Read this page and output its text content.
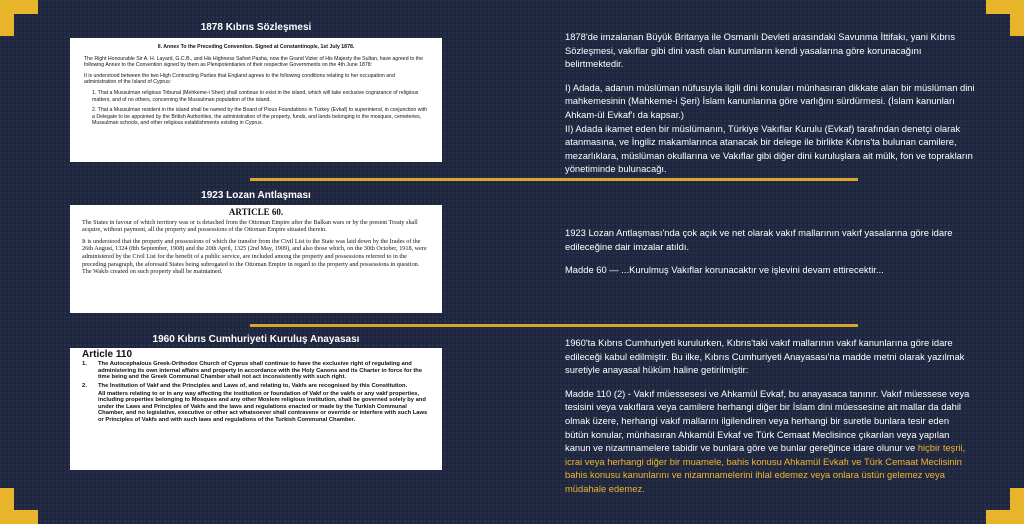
1878 Kıbrıs Sözleşmesi
II. Annex To the Preceding Convention. Signed at Constantinople, 1st July 1878.

The Right Honourable Sir A. H. Layard, G.C.B., and His Highness Safvet Pasha, now the Grand Vizier of His Majesty the Sultan, have agreed to the following Annex to the Convention signed by them as Plenipotentiaries of their respective Governments on the 4th June 1878:

It is understood between the two High Contracting Parties that England agrees to the following conditions relating to her occupation and administration of the Island of Cyprus:

1. That a Mussulman religious Tribunal (Mehkeme-i Sheri) shall continue to exist in the island, which will take exclusive cognizance of religious matters, and of no others, concerning the Mussulman population of the island.

2. That a Mussulman resident in the island shall be named by the Board of Pious Foundations in Turkey (Evkaf) to superintend, in conjunction with a Delegate to be appointed by the British Authorities, the administration of the property, funds, and lands belonging to the mosques, cemeteries, Mussulman schools, and other religious establishments existing in Cyprus.

1878'de imzalanan Büyük Britanya ile Osmanlı Devleti arasındaki Savunma İttifakı, yani Kıbrıs Sözleşmesi, vakıflar gibi dini vasfı olan kurumların kendi yasalarına göre korunacağını belirtmektedir.

I) Adada, adanın müslüman nüfusuyla ilgili dini konuları münhasıran dikkate alan bir müslüman dini mahkemesinin (Mahkeme-i Şeri) İslam kanunlarına göre varlığını sürdürmesi. (İslam kanunları Ahkam-ül Evkaf'ı da kapsar.)

II) Adada ikamet eden bir müslümanın, Türkiye Vakıflar Kurulu (Evkaf) tarafından denetçi olarak atanmasına, ve İngiliz makamlarınca atanacak bir delege ile birlikte Kıbrıs'ta bulunan camilere, mezarlıklara, müslüman okullarına ve Vakıflar gibi diğer dini kuruluşlara ait mülk, fon ve toprakların yönetiminde bulunacağı.

1923 Lozan Antlaşması
ARTICLE 60.

The States in favour of which territory was or is detached from the Ottoman Empire after the Balkan wars or by the present Treaty shall acquire, without payment, all the property and possessions of the Ottoman Empire situated therein.

It is understood that the property and possessions of which the transfer from the Civil List to the State was laid down by the Irades of the 26th August, 1324 (8th September, 1908) and the 20th April, 1325 (2nd May, 1909), and also those which, on the 30th October, 1918, were administered by the Civil List for the benefit of a public service, are included among the property and possessions referred to in the preceding paragraph, the aforesaid States being subrogated to the Ottoman Empire in regard to the property and possessions in question. The Wakfs created on such property shall be maintained.

1923 Lozan Antlaşması'nda çok açık ve net olarak vakıf mallarının vakıf yasalarına göre idare edileceğine dair imzalar atıldı.

Madde 60 — ...Kurulmuş Vakıflar korunacaktır ve işlevini devam ettirecektir...

1960 Kıbrıs Cumhuriyeti Kuruluş Anayasası
Article 110
1.	The Autocephalous Greek-Orthodox Church of Cyprus shall continue to have the exclusive right of regulating and administering its own internal affairs and property in accordance with the Holy Canons and its Charter in force for the time being and the Greek Communal Chamber shall not act inconsistently with such right.
2.	The Institution of Vakf and the Principles and Laws of, and relating to, Vakfs are recognised by this Constitution.
All matters relating to or in any way affecting the institution or foundation of Vakf or the vakfs or any vakf properties, including properties belonging to Mosques and any other Moslem religious institution, shall be governed solely by and under the Laws and Principles of Vakfs and the laws and regulations enacted or made by the Turkish Communal Chamber, and no legislative, executive or other act whatsoever shall contravene or override or interfere with such Laws or Principles of Vakfs and with such laws and regulations of the Turkish Communal Chamber.

1960'ta Kıbrıs Cumhuriyeti kurulurken, Kıbrıs'taki vakıf mallarının vakıf kanunlarına göre idare edileceği kabul edilmiştir. Bu ilke, Kıbrıs Cumhuriyeti Anayasası'na madde metni olarak yazılmak suretiyle anayasal hüküm haline getirilmiştir:

Madde 110 (2) - Vakıf müessesesi ve Ahkamül Evkaf, bu anayasaca tanınır. Vakıf müessese veya tesisini veya vakıflara veya camilere herhangi diğer bir İslam dini müessesine ait mallar da dahil olmak üzere, herhangi vakıf mallarını ilgilendiren veya herhangi bir suretle bunlara tesir eden bütün konular, münhasıran Ahkamül Evkaf ve Türk Cemaat Meclisince çıkarılan veya yapılan kanun ve nizamnamelere tabidir ve bunlara göre ve bunlar gereğince idare olunur ve hiçbir teşrii, icrai veya herhangi diğer bir muamele, bahis konusu Ahkamül Evkafı ve Türk Cemaat Meclisinin bahis konusu kanunlarını ve nizamnamelerini ihlal edemez veya onlara üstün gelemez veya müdahale edemez.
